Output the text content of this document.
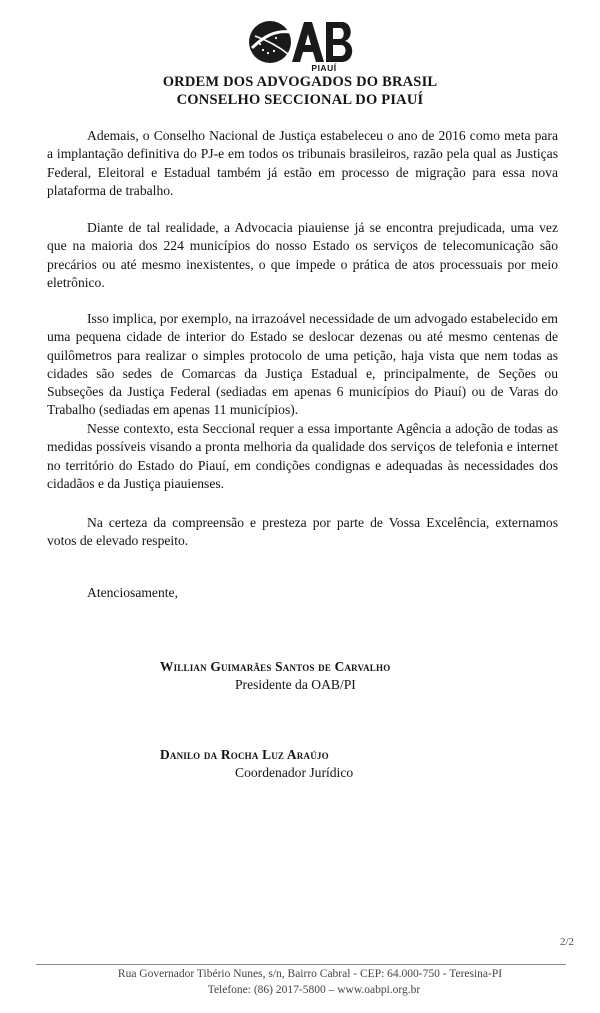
PIAUÍ
ORDEM DOS ADVOGADOS DO BRASIL
CONSELHO SECCIONAL DO PIAUÍ

Ademais, o Conselho Nacional de Justiça estabeleceu o ano de 2016 como meta para a implantação definitiva do PJ-e em todos os tribunais brasileiros, razão pela qual as Justiças Federal, Eleitoral e Estadual também já estão em processo de migração para essa nova plataforma de trabalho.

Diante de tal realidade, a Advocacia piauiense já se encontra prejudicada, uma vez que na maioria dos 224 municípios do nosso Estado os serviços de telecomunicação são precários ou até mesmo inexistentes, o que impede o prática de atos processuais por meio eletrônico.

Isso implica, por exemplo, na irrazoável necessidade de um advogado estabelecido em uma pequena cidade de interior do Estado se deslocar dezenas ou até mesmo centenas de quilômetros para realizar o simples protocolo de uma petição, haja vista que nem todas as cidades são sedes de Comarcas da Justiça Estadual e, principalmente, de Seções ou Subseções da Justiça Federal (sediadas em apenas 6 municípios do Piauí) ou de Varas do Trabalho (sediadas em apenas 11 municípios).

Nesse contexto, esta Seccional requer a essa importante Agência a adoção de todas as medidas possíveis visando a pronta melhoria da qualidade dos serviços de telefonia e internet no território do Estado do Piauí, em condições condignas e adequadas às necessidades dos cidadãos e da Justiça piauienses.

Na certeza da compreensão e presteza por parte de Vossa Excelência, externamos votos de elevado respeito.

Atenciosamente,
Willian Guimarães Santos de Carvalho
Presidente da OAB/PI
Danilo da Rocha Luz Araújo
Coordenador Jurídico
2/2
Rua Governador Tibério Nunes, s/n, Bairro Cabral - CEP: 64.000-750 - Teresina-PI
Telefone: (86) 2017-5800 – www.oabpi.org.br
